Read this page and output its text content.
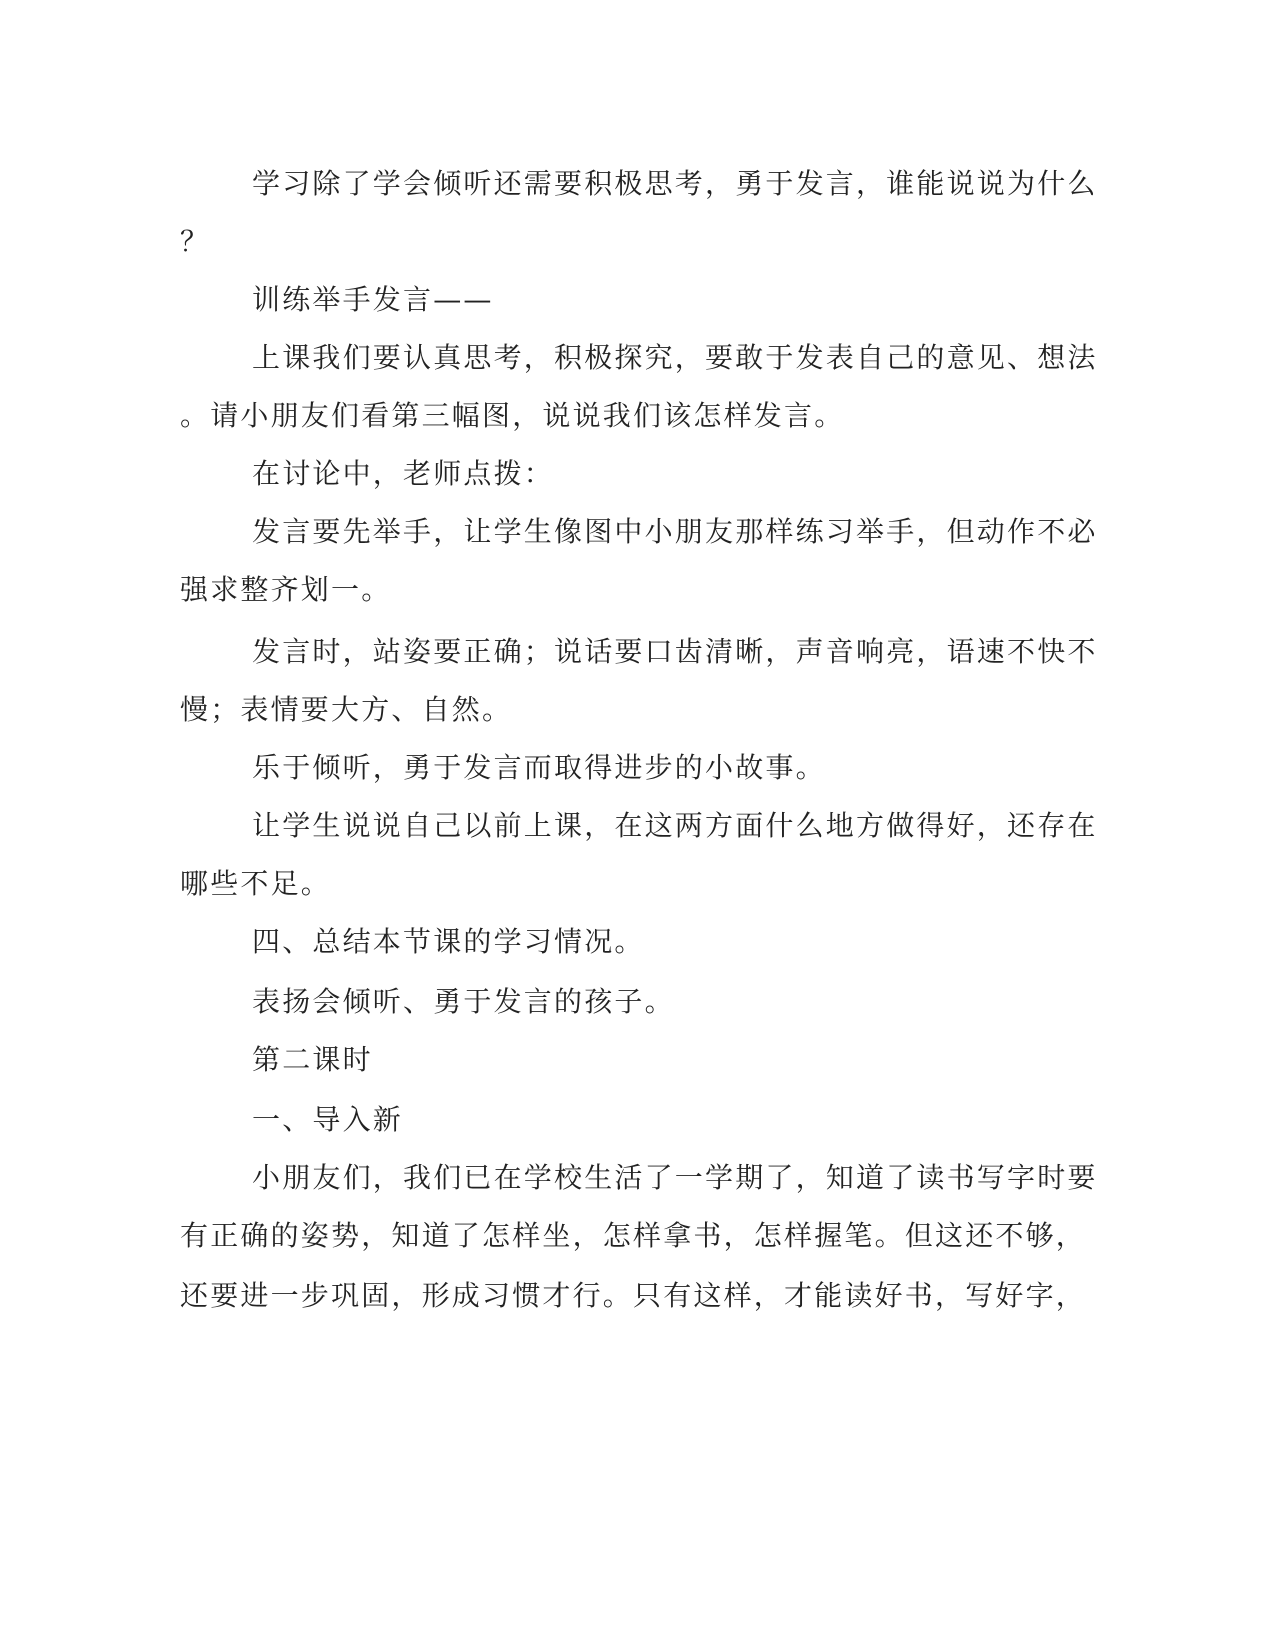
学习除了学会倾听还需要积极思考，勇于发言，谁能说说为什么
？
训练举手发言——
上课我们要认真思考，积极探究，要敢于发表自己的意见、想法
。请小朋友们看第三幅图，说说我们该怎样发言。
在讨论中，老师点拨：
发言要先举手，让学生像图中小朋友那样练习举手，但动作不必
强求整齐划一。
发言时，站姿要正确；说话要口齿清晰，声音响亮，语速不快不
慢；表情要大方、自然。
乐于倾听，勇于发言而取得进步的小故事。
让学生说说自己以前上课，在这两方面什么地方做得好，还存在
哪些不足。
四、总结本节课的学习情况。
表扬会倾听、勇于发言的孩子。
第二课时
一、导入新
小朋友们，我们已在学校生活了一学期了，知道了读书写字时要
有正确的姿势，知道了怎样坐，怎样拿书，怎样握笔。但这还不够，
还要进一步巩固，形成习惯才行。只有这样，才能读好书，写好字，
